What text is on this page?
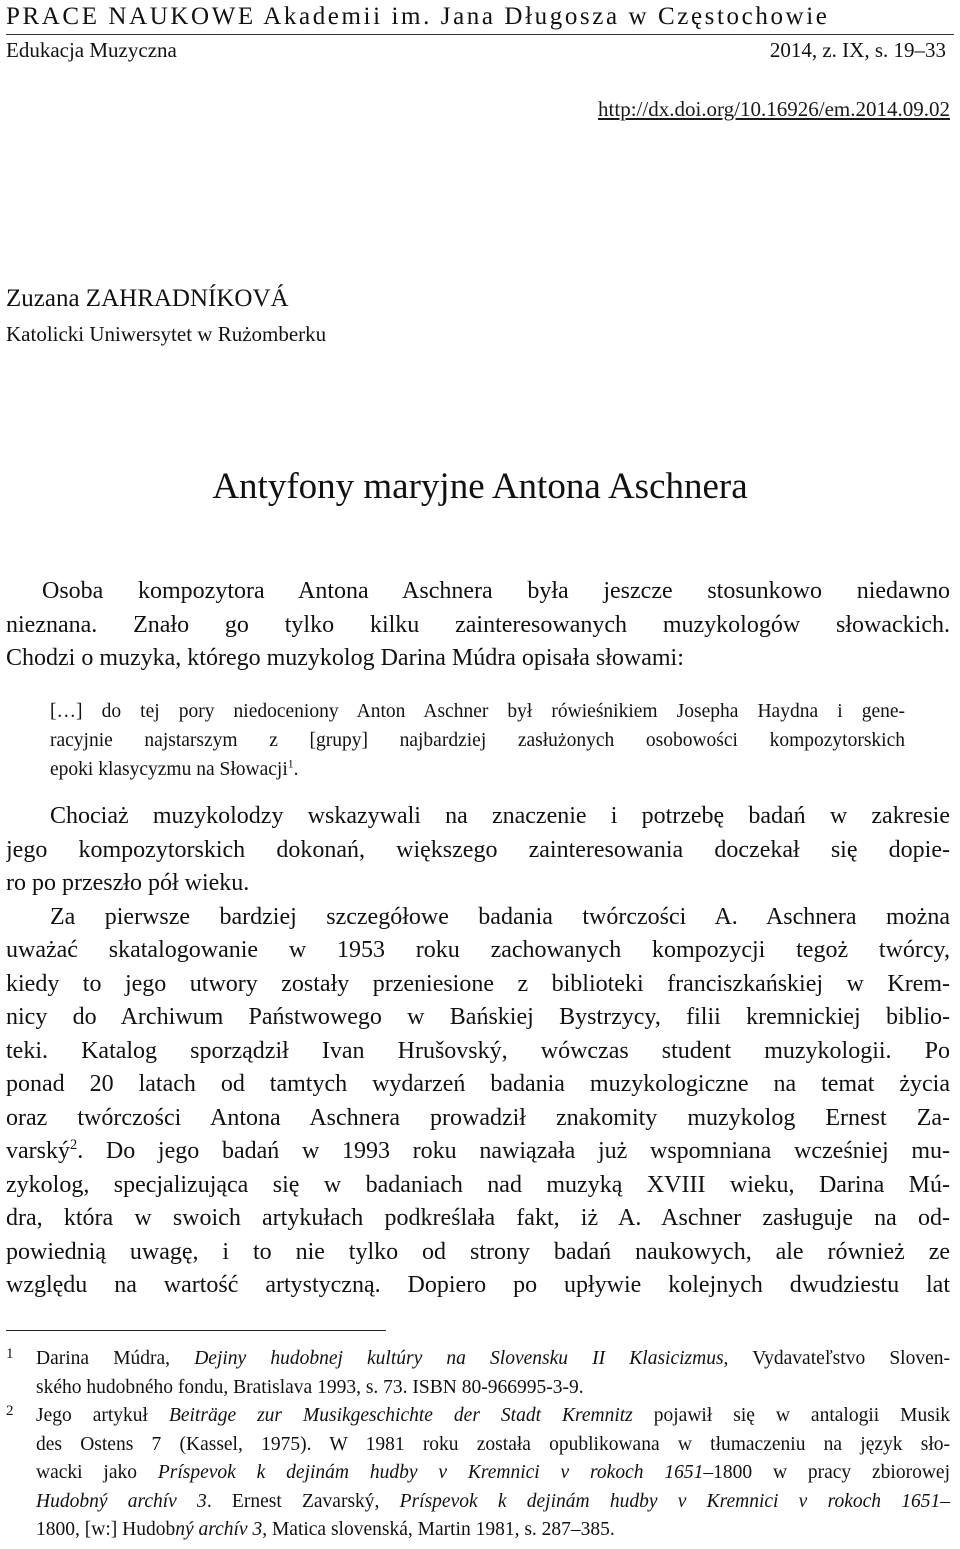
PRACE NAUKOWE Akademii im. Jana Długosza w Częstochowie
Edukacja Muzyczna	2014, z. IX, s. 19–33
http://dx.doi.org/10.16926/em.2014.09.02
Zuzana ZAHRADNÍKOVÁ
Katolicki Uniwersytet w Rużomberku
Antyfony maryjne Antona Aschnera
Osoba kompozytora Antona Aschnera była jeszcze stosunkowo niedawno
nieznana. Znało go tylko kilku zainteresowanych muzykologów słowackich.
Chodzi o muzyka, którego muzykolog Darina Múdra opisała słowami:
[…] do tej pory niedoceniony Anton Aschner był rówieśnikiem Josepha Haydna i gene-
racyjnie najstarszym z [grupy] najbardziej zasłużonych osobowości kompozytorskich
epoki klasycyzmu na Słowacji$^1$.
Chociaż muzykolodzy wskazywali na znaczenie i potrzebę badań w zakresie
jego kompozytorskich dokonań, większego zainteresowania doczekał się dopie-
ro po przeszło pół wieku.
Za pierwsze bardziej szczegółowe badania twórczości A. Aschnera można
uważać skatalogowanie w 1953 roku zachowanych kompozycji tegoż twórcy,
kiedy to jego utwory zostały przeniesione z biblioteki franciszkańskiej w Krem-
nicy do Archiwum Państwowego w Bańskiej Bystrzycy, filii kremnickiej biblio-
teki. Katalog sporządził Ivan Hrušovský, wówczas student muzykologii. Po
ponad 20 latach od tamtych wydarzeń badania muzykologiczne na temat życia
oraz twórczości Antona Aschnera prowadził znakomity muzykolog Ernest Za-
varský$^2$. Do jego badań w 1993 roku nawiązała już wspomniana wcześniej mu-
zykolog, specjalizująca się w badaniach nad muzyką XVIII wieku, Darina Mú-
dra, która w swoich artykułach podkreślała fakt, iż A. Aschner zasługuje na od-
powiednią uwagę, i to nie tylko od strony badań naukowych, ale również ze
względu na wartość artystyczną. Dopiero po upływie kolejnych dwudziestu lat
1 Darina Múdra, Dejiny hudobnej kultúry na Slovensku II Klasicizmus, Vydavateľstvo Sloven-
ského hudobného fondu, Bratislava 1993, s. 73. ISBN 80-966995-3-9.
2 Jego artykuł Beiträge zur Musikgeschichte der Stadt Kremnitz pojawił się w antalogii Musik
des Ostens 7 (Kassel, 1975). W 1981 roku została opublikowana w tłumaczeniu na język sło-
wacki jako Príspevok k dejinám hudby v Kremnici v rokoch 1651–1800 w pracy zbiorowej
Hudobný archív 3. Ernest Zavarský, Príspevok k dejinám hudby v Kremnici v rokoch 1651–
1800, [w:] Hudobný archív 3, Matica slovenská, Martin 1981, s. 287–385.
